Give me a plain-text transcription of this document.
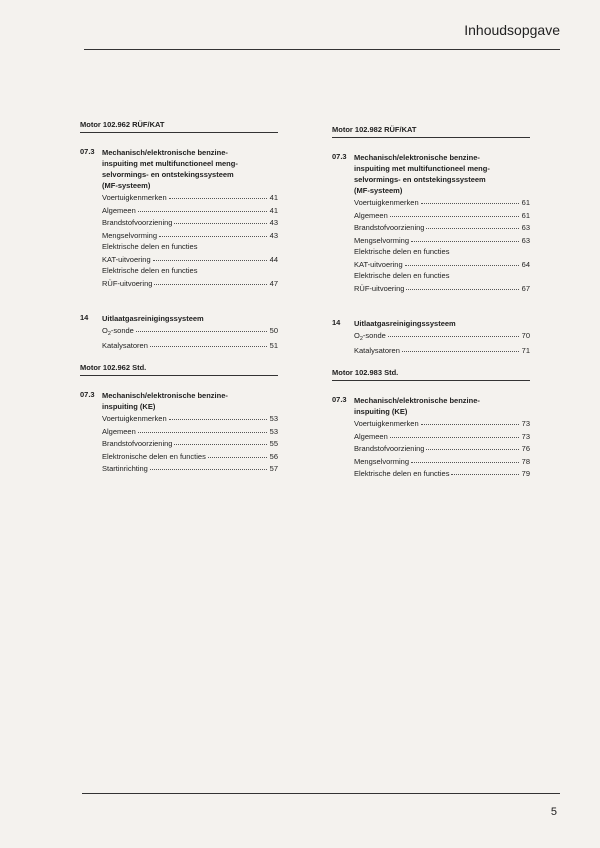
Inhoudsopgave
Motor 102.962 RÜF/KAT
07.3 Mechanisch/elektronische benzine-
inspuiting met multifunctioneel meng-
selvormings- en ontstekingssysteem
(MF-systeem)
Voertuigkenmerken	41
Algemeen	41
Brandstofvoorziening	43
Mengselvorming	43
Elektrische delen en functies
KAT-uitvoering	44
Elektrische delen en functies
RÜF-uitvoering	47
14	Uitlaatgasreinigingssysteem
$O_2$-sonde	50
Katalysatoren	51
Motor 102.962 Std.
07.3 Mechanisch/elektronische benzine-
inspuiting (KE)
Voertuigkenmerken	53
Algemeen	53
Brandstofvoorziening	55
Elektronische delen en functies	56
Startinrichting	57
Motor 102.982 RÜF/KAT
07.3 Mechanisch/elektronische benzine-
inspuiting met multifunctioneel meng-
selvormings- en ontstekingssysteem
(MF-systeem)
Voertuigkenmerken	61
Algemeen	61
Brandstofvoorziening	63
Mengselvorming	63
Elektrische delen en functies
KAT-uitvoering	64
Elektrische delen en functies
RÜF-uitvoering	67
14	Uitlaatgasreinigingssysteem
$O_2$-sonde	70
Katalysatoren	71
Motor 102.983 Std.
07.3 Mechanisch/elektronische benzine-
inspuiting (KE)
Voertuigkenmerken	73
Algemeen	73
Brandstofvoorziening	76
Mengselvorming	78
Elektrische delen en functies	79
5
